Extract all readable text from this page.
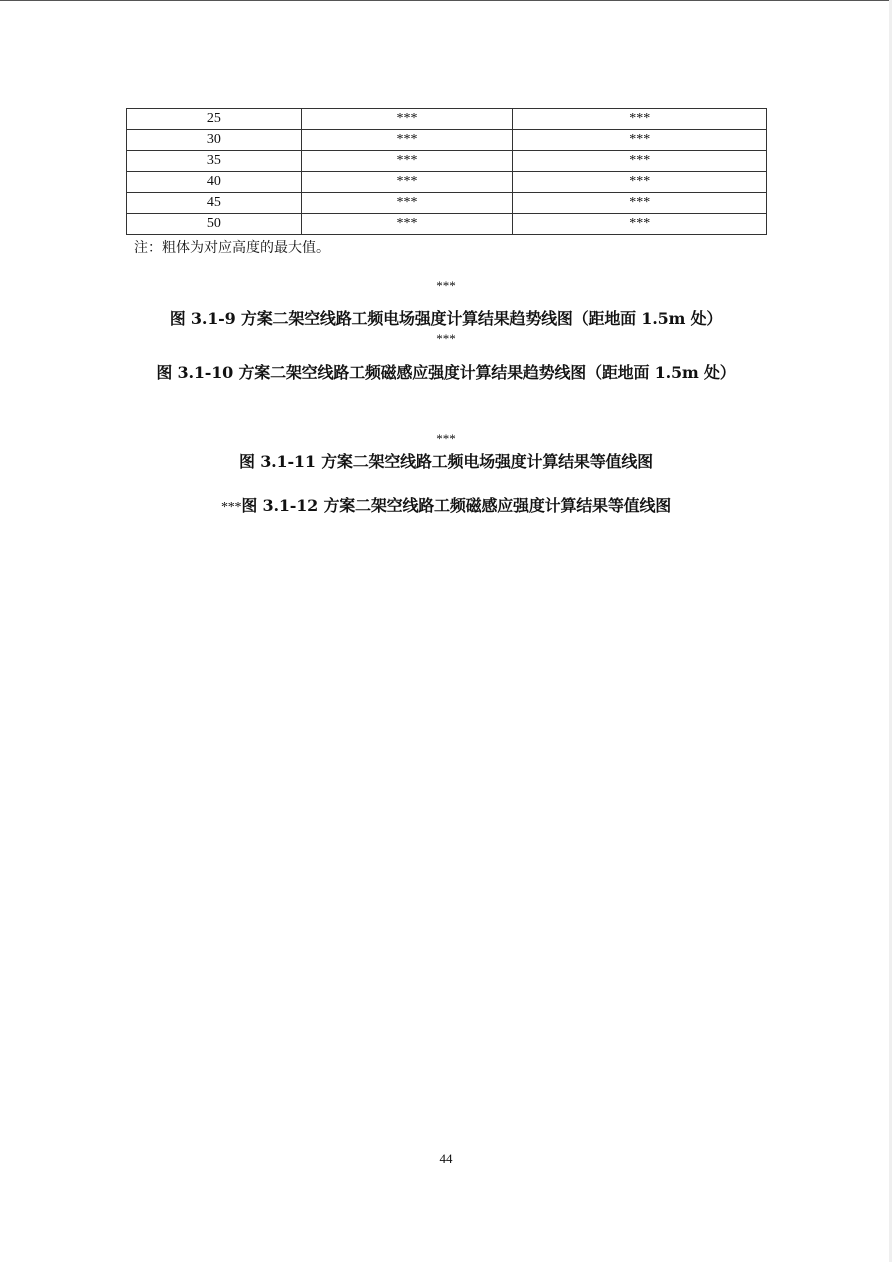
25	***	***
30	***	***
35	***	***
40	***	***
45	***	***
50	***	***
注：粗体为对应高度的最大值。
***
图 3.1-9 方案二架空线路工频电场强度计算结果趋势线图（距地面 1.5m 处）
***
图 3.1-10 方案二架空线路工频磁感应强度计算结果趋势线图（距地面 1.5m 处）
***
图 3.1-11 方案二架空线路工频电场强度计算结果等值线图
***图 3.1-12 方案二架空线路工频磁感应强度计算结果等值线图
44
